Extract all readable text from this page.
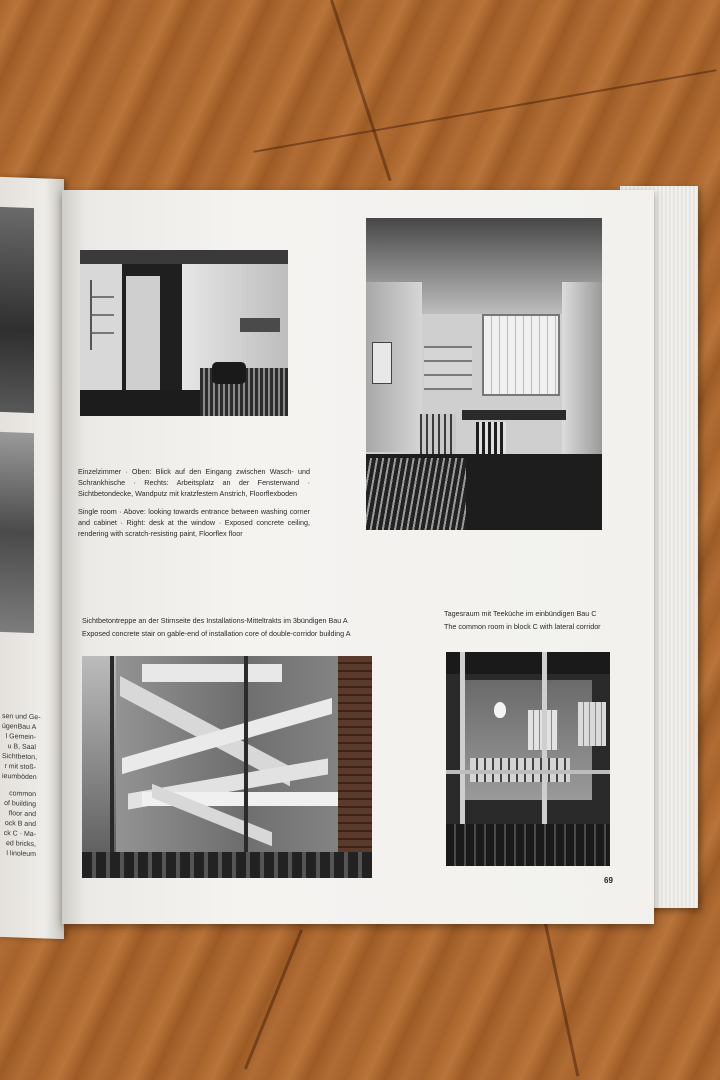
sen und Ge-
ügenBau A
l Gemein-
u B, Saal
Sichtbeton,
r mit stoß-
ieumböden
common
of building
floor and
ock B and
ck C · Ma-
ed bricks,
l linoleum
Einzelzimmer · Oben: Blick auf den Eingang zwischen Wasch- und Schrankhische · Rechts: Arbeitsplatz an der Fensterwand · Sichtbetondecke, Wandputz mit kratzfestem Anstrich, Floorflexboden
Single room · Above: looking towards entrance between washing corner and cabinet · Right: desk at the window · Exposed concrete ceiling, rendering with scratch-resisting paint, Floorflex floor
Sichtbetontreppe an der Stirnseite des Installations-Mitteltrakts im 3bündigen Bau A
Exposed concrete stair on gable-end of installation core of double-corridor building A
Tagesraum mit Teeküche im einbündigen Bau C
The common room in block C with lateral corridor
69
